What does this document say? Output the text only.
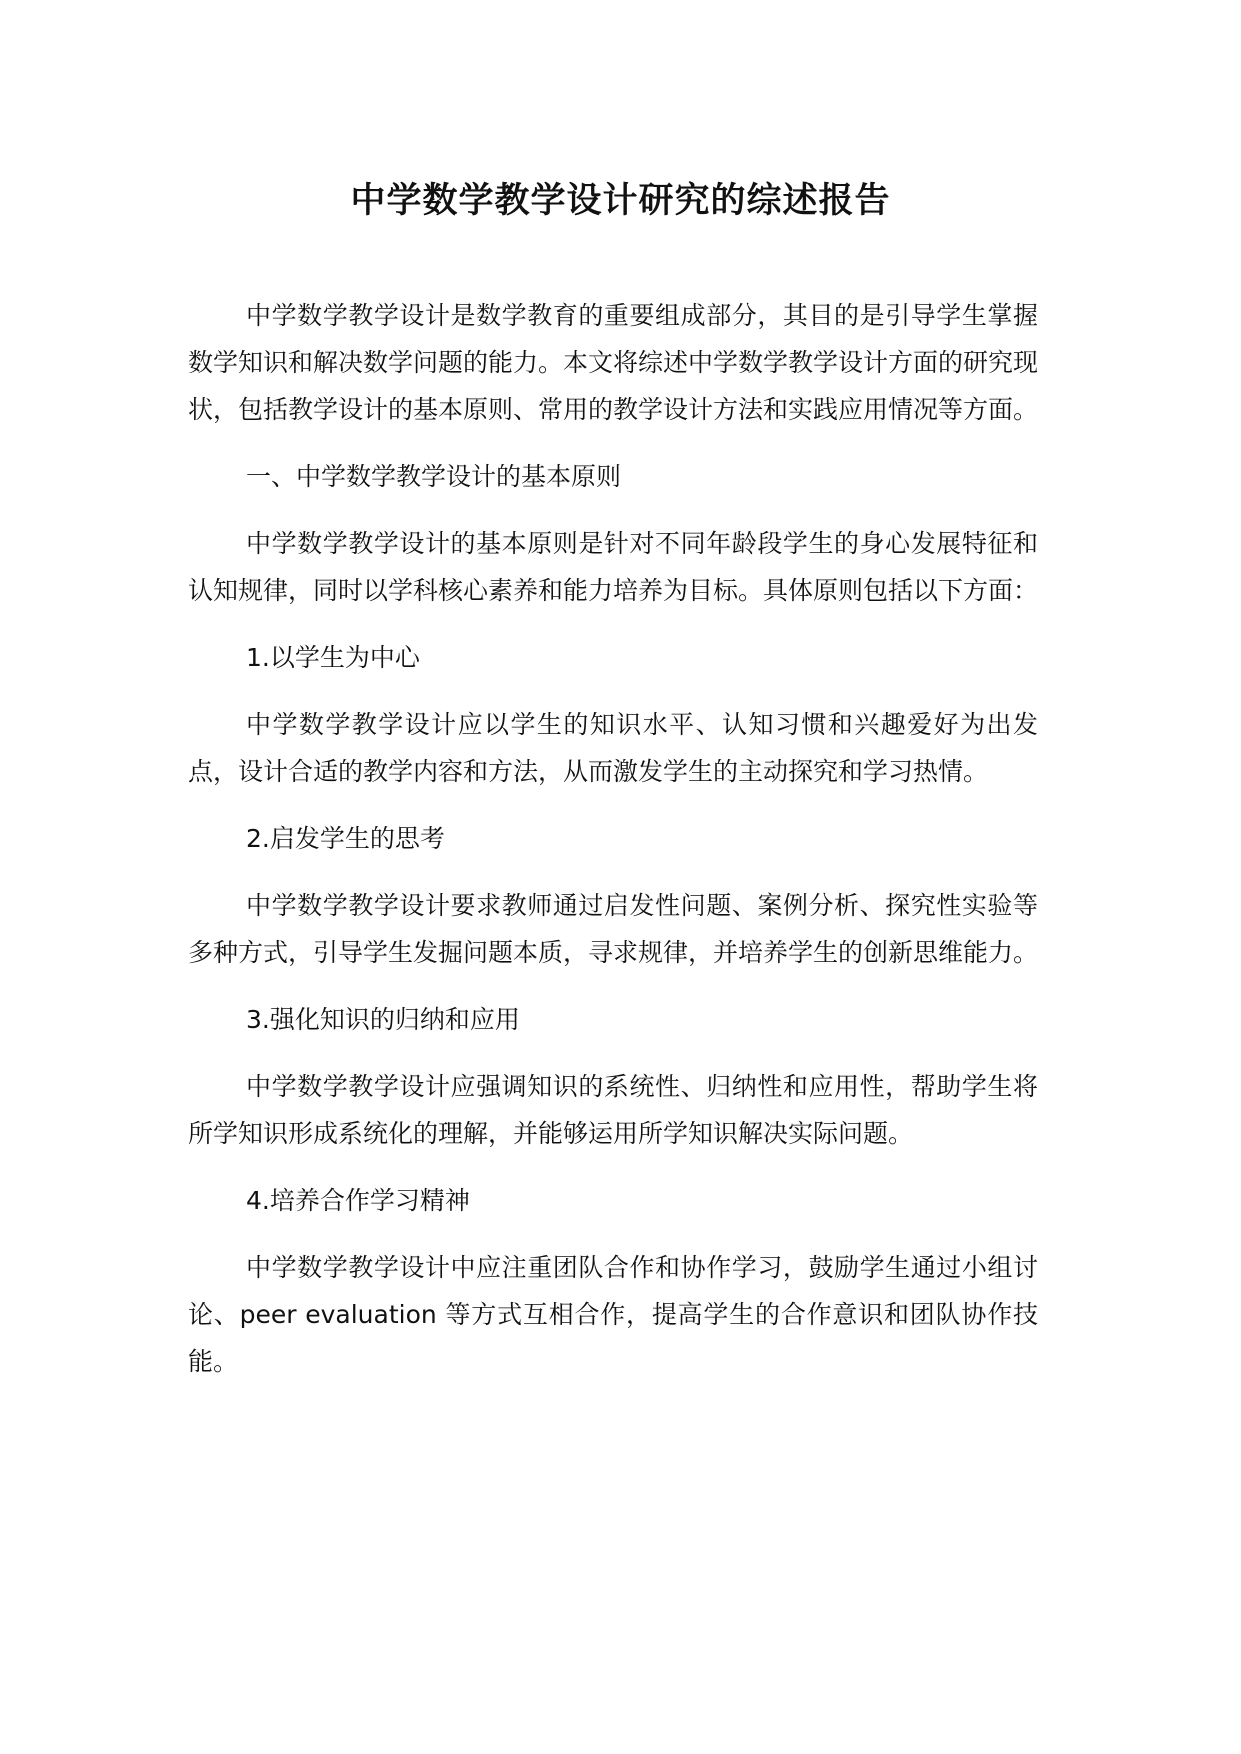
中学数学教学设计研究的综述报告

中学数学教学设计是数学教育的重要组成部分，其目的是引导学生掌握数学知识和解决数学问题的能力。本文将综述中学数学教学设计方面的研究现状，包括教学设计的基本原则、常用的教学设计方法和实践应用情况等方面。

一、中学数学教学设计的基本原则

中学数学教学设计的基本原则是针对不同年龄段学生的身心发展特征和认知规律，同时以学科核心素养和能力培养为目标。具体原则包括以下方面：

1.以学生为中心

中学数学教学设计应以学生的知识水平、认知习惯和兴趣爱好为出发点，设计合适的教学内容和方法，从而激发学生的主动探究和学习热情。

2.启发学生的思考

中学数学教学设计要求教师通过启发性问题、案例分析、探究性实验等多种方式，引导学生发掘问题本质，寻求规律，并培养学生的创新思维能力。

3.强化知识的归纳和应用

中学数学教学设计应强调知识的系统性、归纳性和应用性，帮助学生将所学知识形成系统化的理解，并能够运用所学知识解决实际问题。

4.培养合作学习精神

中学数学教学设计中应注重团队合作和协作学习，鼓励学生通过小组讨论、peer evaluation 等方式互相合作，提高学生的合作意识和团队协作技能。
